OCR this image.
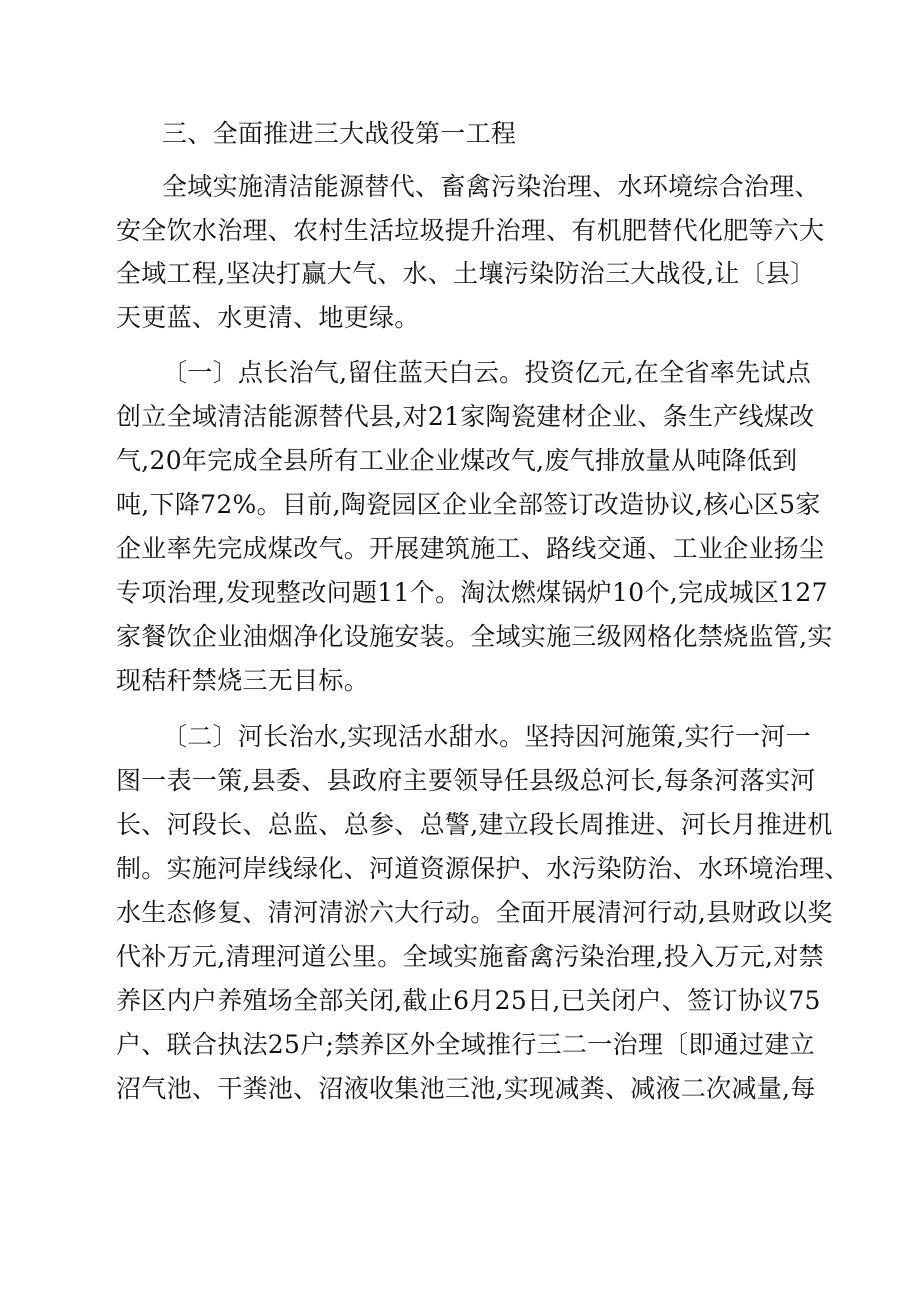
三、全面推进三大战役第一工程
全域实施清洁能源替代、畜禽污染治理、水环境综合治理、
安全饮水治理、农村生活垃圾提升治理、有机肥替代化肥等六大
全域工程,坚决打赢大气、水、土壤污染防治三大战役,让〔县〕
天更蓝、水更清、地更绿。
〔一〕点长治气,留住蓝天白云。投资亿元,在全省率先试点
创立全域清洁能源替代县,对21家陶瓷建材企业、条生产线煤改
气,20年完成全县所有工业企业煤改气,废气排放量从吨降低到
吨,下降72%。目前,陶瓷园区企业全部签订改造协议,核心区5家
企业率先完成煤改气。开展建筑施工、路线交通、工业企业扬尘
专项治理,发现整改问题11个。淘汰燃煤锅炉10个,完成城区127
家餐饮企业油烟净化设施安装。全域实施三级网格化禁烧监管,实
现秸秆禁烧三无目标。
〔二〕河长治水,实现活水甜水。坚持因河施策,实行一河一
图一表一策,县委、县政府主要领导任县级总河长,每条河落实河
长、河段长、总监、总参、总警,建立段长周推进、河长月推进机
制。实施河岸线绿化、河道资源保护、水污染防治、水环境治理、
水生态修复、清河清淤六大行动。全面开展清河行动,县财政以奖
代补万元,清理河道公里。全域实施畜禽污染治理,投入万元,对禁
养区内户养殖场全部关闭,截止6月25日,已关闭户、签订协议75
户、联合执法25户;禁养区外全域推行三二一治理〔即通过建立
沼气池、干粪池、沼液收集池三池,实现减粪、减液二次减量,每
